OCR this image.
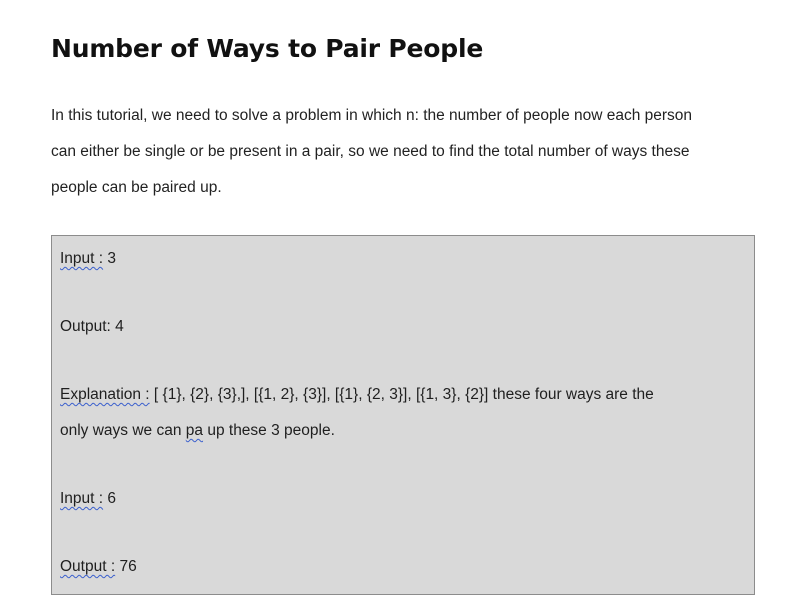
Number of Ways to Pair People

In this tutorial, we need to solve a problem in which n: the number of people now each person
can either be single or be present in a pair, so we need to find the total number of ways these
people can be paired up.

Input : 3

Output: 4

Explanation : [ {1}, {2}, {3},], [{1, 2}, {3}], [{1}, {2, 3}], [{1, 3}, {2}] these four ways are the

only ways we can pa up these 3 people.

Input : 6

Output : 76
